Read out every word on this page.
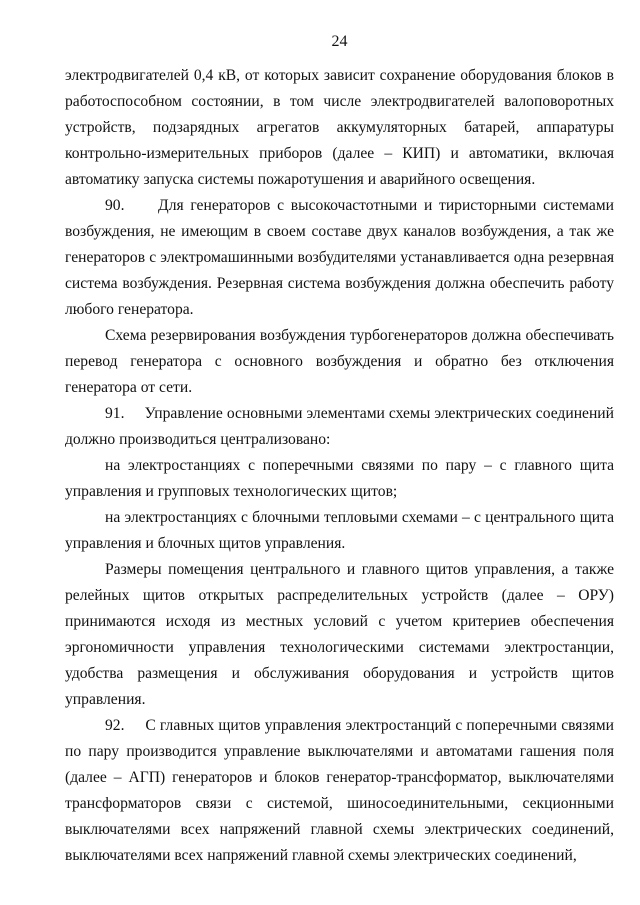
24

электродвигателей 0,4 кВ, от которых зависит сохранение оборудования блоков в работоспособном состоянии, в том числе электродвигателей валоповоротных устройств, подзарядных агрегатов аккумуляторных батарей, аппаратуры контрольно-измерительных приборов (далее – КИП) и автоматики, включая автоматику запуска системы пожаротушения и аварийного освещения.

90.     Для генераторов с высокочастотными и тиристорными системами возбуждения, не имеющим в своем составе двух каналов возбуждения, а так же генераторов с электромашинными возбудителями устанавливается одна резервная система возбуждения. Резервная система возбуждения должна обеспечить работу любого генератора.

Схема резервирования возбуждения турбогенераторов должна обеспечивать перевод генератора с основного возбуждения и обратно без отключения генератора от сети.

91.     Управление основными элементами схемы электрических соединений должно производиться централизовано:

на электростанциях с поперечными связями по пару – с главного щита управления и групповых технологических щитов;

на электростанциях с блочными тепловыми схемами – с центрального щита управления и блочных щитов управления.

Размеры помещения центрального и главного щитов управления, а также релейных щитов открытых распределительных устройств (далее – ОРУ) принимаются исходя из местных условий с учетом критериев обеспечения эргономичности управления технологическими системами электростанции, удобства размещения и обслуживания оборудования и устройств щитов управления.

92.     С главных щитов управления электростанций с поперечными связями по пару производится управление выключателями и автоматами гашения поля (далее – АГП) генераторов и блоков генератор-трансформатор, выключателями трансформаторов связи с системой, шиносоединительными, секционными выключателями всех напряжений главной схемы электрических соединений, выключателями всех напряжений главной схемы электрических соединений,
